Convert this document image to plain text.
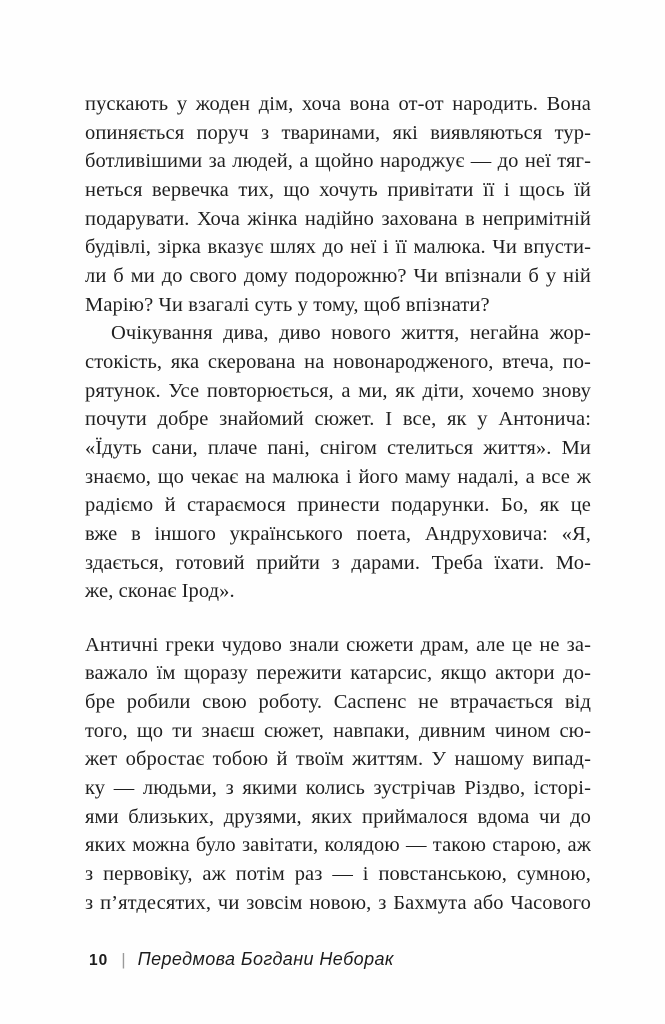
пускають у жоден дім, хоча вона от-от народить. Вона
опиняється поруч з тваринами, які виявляються тур-
ботливішими за людей, а щойно народжує — до неї тяг-
неться вервечка тих, що хочуть привітати її і щось їй
подарувати. Хоча жінка надійно захована в непримітній
будівлі, зірка вказує шлях до неї і її малюка. Чи впусти-
ли б ми до свого дому подорожню? Чи впізнали б у ній
Марію? Чи взагалі суть у тому, щоб впізнати?
Очікування дива, диво нового життя, негайна жор-
стокість, яка скерована на новонародженого, втеча, по-
рятунок. Усе повторюється, а ми, як діти, хочемо знову
почути добре знайомий сюжет. І все, як у Антонича:
«Їдуть сани, плаче пані, снігом стелиться життя». Ми
знаємо, що чекає на малюка і його маму надалі, а все ж
радіємо й стараємося принести подарунки. Бо, як це
вже в іншого українського поета, Андруховича: «Я,
здається, готовий прийти з дарами. Треба їхати. Мо-
же, сконає Ірод».
Античні греки чудово знали сюжети драм, але це не за-
важало їм щоразу пережити катарсис, якщо актори до-
бре робили свою роботу. Саспенс не втрачається від
того, що ти знаєш сюжет, навпаки, дивним чином сю-
жет обростає тобою й твоїм життям. У нашому випад-
ку — людьми, з якими колись зустрічав Різдво, історі-
ями близьких, друзями, яких приймалося вдома чи до
яких можна було завітати, колядою — такою старою, аж
з первовіку, аж потім раз — і повстанською, сумною,
з п’ятдесятих, чи зовсім новою, з Бахмута або Часового
10 | Передмова Богдани Неборак
